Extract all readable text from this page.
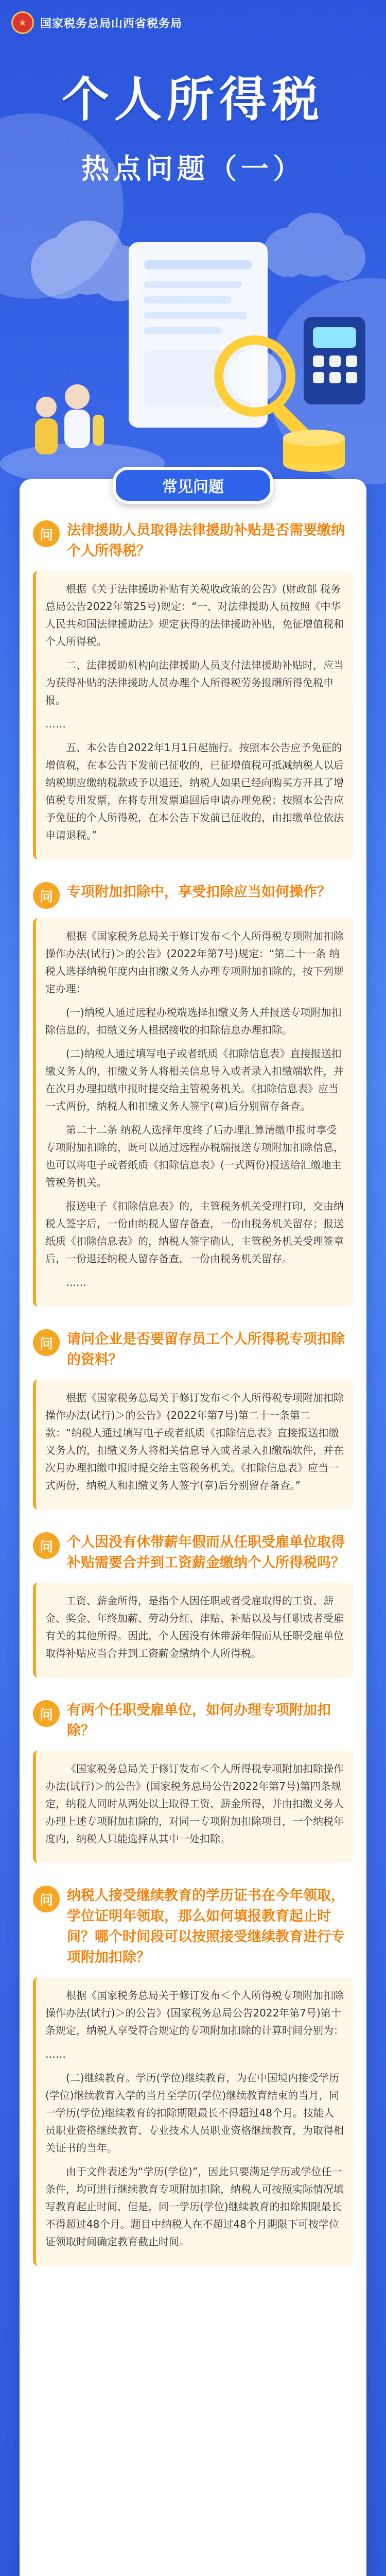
★	国家税务总局山西省税务局
个人所得税
热点问题（一）
常见问题
问	法律援助人员取得法律援助补贴是否需要缴纳个人所得税？

根据《关于法律援助补贴有关税收政策的公告》(财政部 税务总局公告2022年第25号)规定：“一、对法律援助人员按照《中华人民共和国法律援助法》规定获得的法律援助补贴，免征增值税和个人所得税。

二、法律援助机构向法律援助人员支付法律援助补贴时，应当为获得补贴的法律援助人员办理个人所得税劳务报酬所得免税申报。

……

五、本公告自2022年1月1日起施行。按照本公告应予免征的增值税，在本公告下发前已征收的，已征增值税可抵减纳税人以后纳税期应缴纳税款或予以退还，纳税人如果已经向购买方开具了增值税专用发票，在将专用发票追回后申请办理免税；按照本公告应予免征的个人所得税，在本公告下发前已征收的，由扣缴单位依法申请退税。”

问	专项附加扣除中，享受扣除应当如何操作？

根据《国家税务总局关于修订发布＜个人所得税专项附加扣除操作办法(试行)＞的公告》(2022年第7号)规定：“第二十一条 纳税人选择纳税年度内由扣缴义务人办理专项附加扣除的，按下列规定办理：

(一)纳税人通过远程办税端选择扣缴义务人并报送专项附加扣除信息的，扣缴义务人根据接收的扣除信息办理扣除。

(二)纳税人通过填写电子或者纸质《扣除信息表》直接报送扣缴义务人的，扣缴义务人将相关信息导入或者录入扣缴端软件，并在次月办理扣缴申报时提交给主管税务机关。《扣除信息表》应当一式两份，纳税人和扣缴义务人签字(章)后分别留存备查。

第二十二条 纳税人选择年度终了后办理汇算清缴申报时享受专项附加扣除的，既可以通过远程办税端报送专项附加扣除信息，也可以将电子或者纸质《扣除信息表》(一式两份)报送给汇缴地主管税务机关。

报送电子《扣除信息表》的，主管税务机关受理打印，交由纳税人签字后，一份由纳税人留存备查，一份由税务机关留存；报送纸质《扣除信息表》的，纳税人签字确认，主管税务机关受理签章后，一份退还纳税人留存备查，一份由税务机关留存。

……

问	请问企业是否要留存员工个人所得税专项扣除的资料？

根据《国家税务总局关于修订发布＜个人所得税专项附加扣除操作办法(试行)＞的公告》(2022年第7号)第二十一条第二款：“纳税人通过填写电子或者纸质《扣除信息表》直接报送扣缴义务人的，扣缴义务人将相关信息导入或者录入扣缴端软件，并在次月办理扣缴申报时提交给主管税务机关。《扣除信息表》应当一式两份，纳税人和扣缴义务人签字(章)后分别留存备查。”

问	个人因没有休带薪年假而从任职受雇单位取得补贴需要合并到工资薪金缴纳个人所得税吗？

工资、薪金所得，是指个人因任职或者受雇取得的工资、薪金、奖金、年终加薪、劳动分红、津贴、补贴以及与任职或者受雇有关的其他所得。因此，个人因没有休带薪年假而从任职受雇单位取得补贴应当合并到工资薪金缴纳个人所得税。

问	有两个任职受雇单位，如何办理专项附加扣除？

《国家税务总局关于修订发布＜个人所得税专项附加扣除操作办法(试行)＞的公告》(国家税务总局公告2022年第7号)第四条规定，纳税人同时从两处以上取得工资、薪金所得，并由扣缴义务人办理上述专项附加扣除的，对同一专项附加扣除项目，一个纳税年度内，纳税人只能选择从其中一处扣除。

问	纳税人接受继续教育的学历证书在今年领取，学位证明年领取，那么如何填报教育起止时间？哪个时间段可以按照接受继续教育进行专项附加扣除？

根据《国家税务总局关于修订发布＜个人所得税专项附加扣除操作办法(试行)＞的公告》(国家税务总局公告2022年第7号)第十条规定，纳税人享受符合规定的专项附加扣除的计算时间分别为：

……

(二)继续教育。学历(学位)继续教育，为在中国境内接受学历(学位)继续教育入学的当月至学历(学位)继续教育结束的当月，同一学历(学位)继续教育的扣除期限最长不得超过48个月。技能人员职业资格继续教育、专业技术人员职业资格继续教育，为取得相关证书的当年。

由于文件表述为“学历(学位)”，因此只要满足学历或学位任一条件，均可进行继续教育专项附加扣除，纳税人可按照实际情况填写教育起止时间，但是，同一学历(学位)继续教育的扣除期限最长不得超过48个月。题目中纳税人在不超过48个月期限下可按学位证领取时间确定教育截止时间。
